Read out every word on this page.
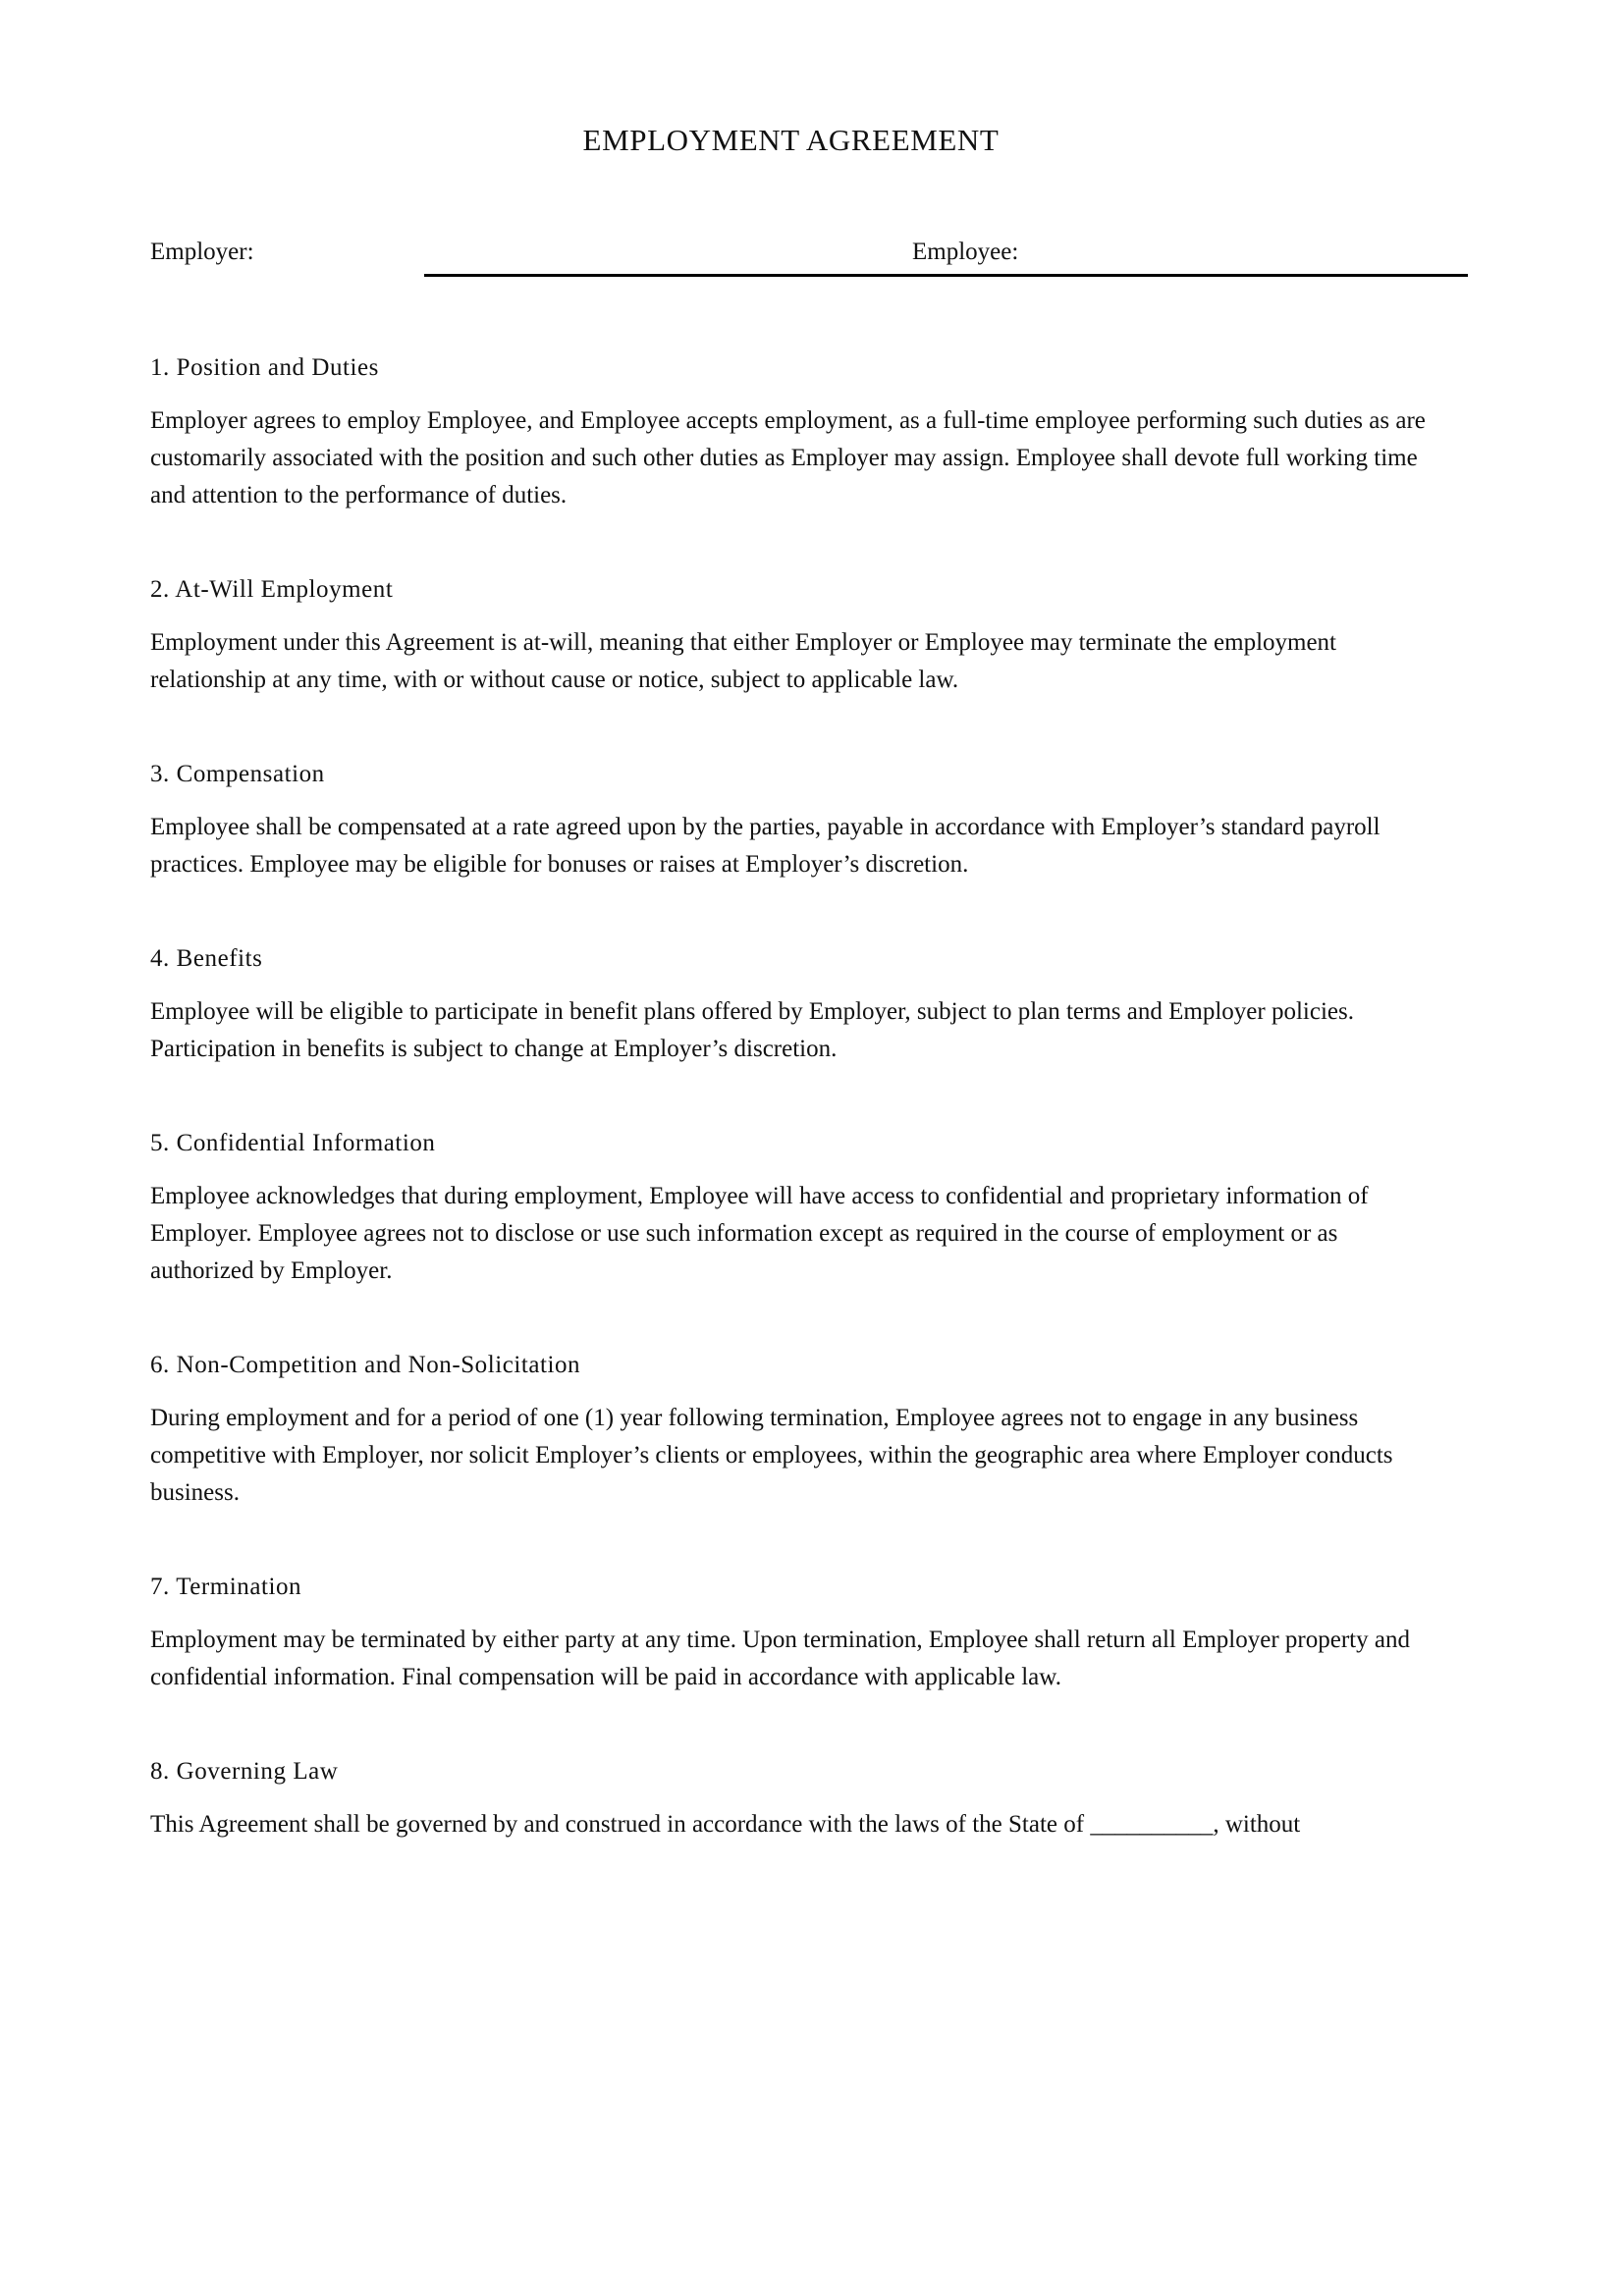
EMPLOYMENT AGREEMENT
Employer:	Employee:
1. Position and Duties

Employer agrees to employ Employee, and Employee accepts employment, as a full-time employee performing such duties as are customarily associated with the position and such other duties as Employer may assign. Employee shall devote full working time and attention to the performance of duties.

2. At-Will Employment

Employment under this Agreement is at-will, meaning that either Employer or Employee may terminate the employment relationship at any time, with or without cause or notice, subject to applicable law.

3. Compensation

Employee shall be compensated at a rate agreed upon by the parties, payable in accordance with Employer’s standard payroll practices. Employee may be eligible for bonuses or raises at Employer’s discretion.

4. Benefits

Employee will be eligible to participate in benefit plans offered by Employer, subject to plan terms and Employer policies. Participation in benefits is subject to change at Employer’s discretion.

5. Confidential Information

Employee acknowledges that during employment, Employee will have access to confidential and proprietary information of Employer. Employee agrees not to disclose or use such information except as required in the course of employment or as authorized by Employer.

6. Non-Competition and Non-Solicitation

During employment and for a period of one (1) year following termination, Employee agrees not to engage in any business competitive with Employer, nor solicit Employer’s clients or employees, within the geographic area where Employer conducts business.

7. Termination

Employment may be terminated by either party at any time. Upon termination, Employee shall return all Employer property and confidential information. Final compensation will be paid in accordance with applicable law.

8. Governing Law

This Agreement shall be governed by and construed in accordance with the laws of the State of __________, without
